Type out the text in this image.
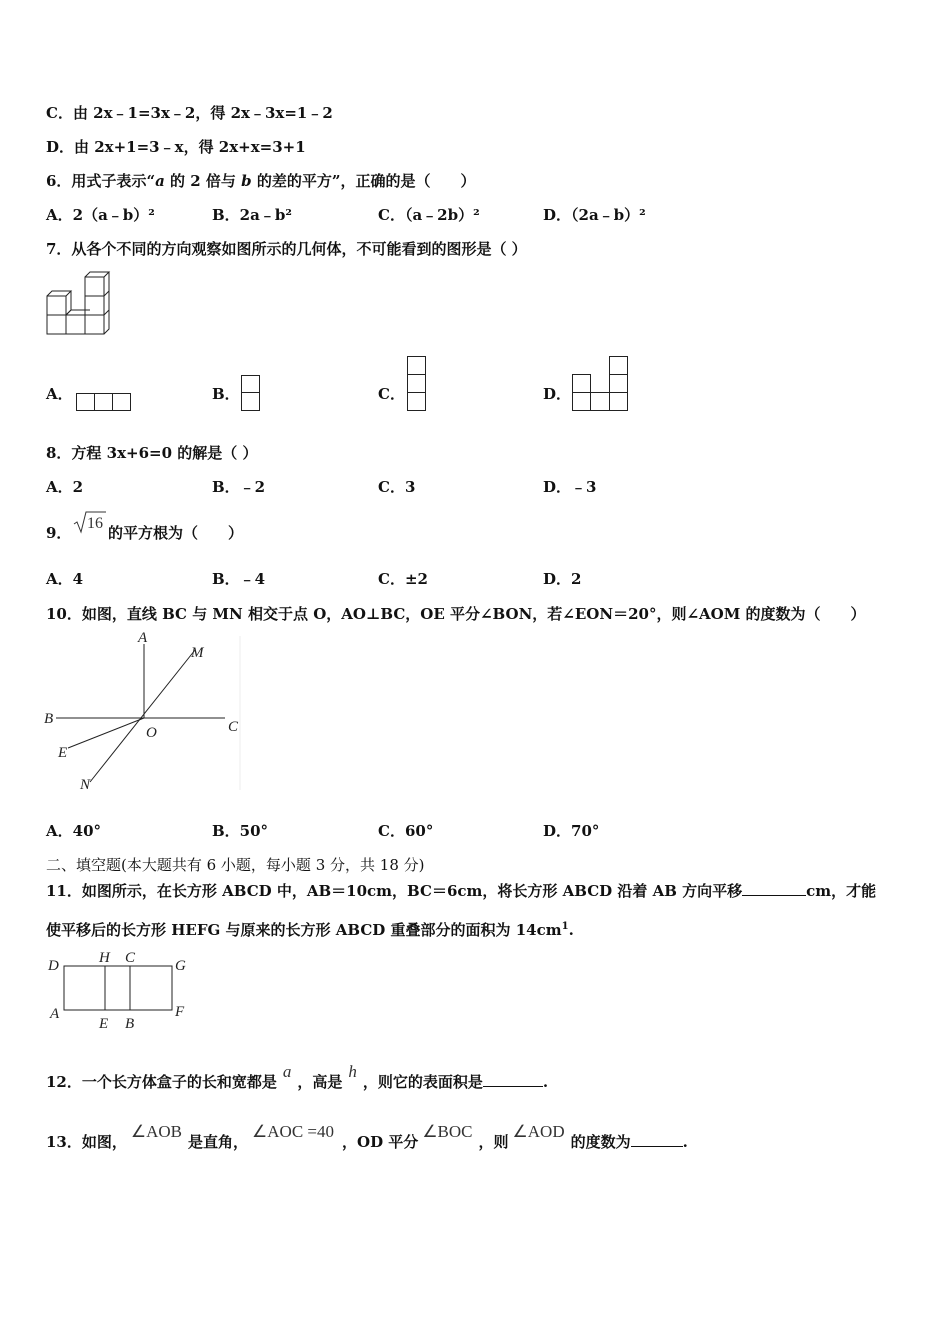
C．由 2x﹣1=3x﹣2，得 2x﹣3x=1﹣2
D．由 2x+1=3﹣x，得 2x+x=3+1
6．用式子表示“a 的 2 倍与 b 的差的平方”，正确的是（　　）
A．2（a﹣b）²	B．2a﹣b²	C．（a﹣2b）²	D．（2a﹣b）²
7．从各个不同的方向观察如图所示的几何体，不可能看到的图形是（ ）
A．	B．	C．	D．
8．方程 3x+6=0 的解是（ ）
A．2	B．﹣2	C．3	D．﹣3
9．
16
的平方根为（　　）
A．4	B．﹣4	C．±2	D．2
10．如图，直线 BC 与 MN 相交于点 O，AO⊥BC，OE 平分∠BON，若∠EON＝20°，则∠AOM 的度数为（　　）
A
M
B
O	C
E
N
A．40°	B．50°	C．60°	D．70°
二、填空题(本大题共有 6 小题，每小题 3 分，共 18 分)
11．如图所示，在长方形 ABCD 中，AB＝10cm，BC＝6cm，将长方形 ABCD 沿着 AB 方向平移	cm，才能
使平移后的长方形 HEFG 与原来的长方形 ABCD 重叠部分的面积为 $14cm^1$.
D	H C	G
A
E B
F
12．一个长方体盒子的长和宽都是a，高是h，则它的表面积是	.
13．如图，∠AOB是直角，∠AOC =40，OD 平分∠BOC，则∠AOD的度数为	.
